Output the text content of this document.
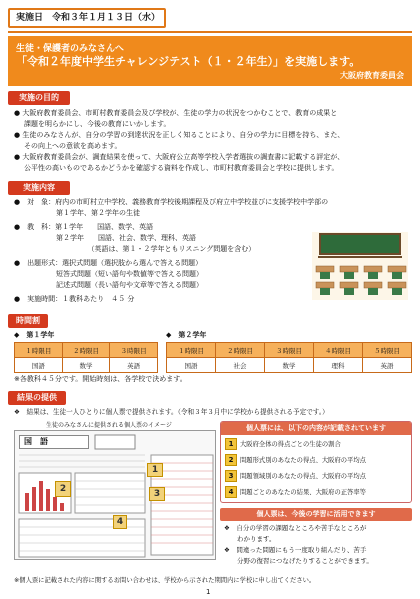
実施日　令和３年１月１３日（水）
生徒・保護者のみなさんへ
「令和２年度中学生チャレンジテスト（１・２年生）」を実施します。
大阪府教育委員会
実施の目的
● 大阪府教育委員会、市町村教育委員会及び学校が、生徒の学力の状況をつかむことで、教育の成果と
課題を明らかにし、今後の教育にいかします。
● 生徒のみなさんが、自分の学習の到達状況を正しく知ることにより、自分の学力に目標を持ち、また、
その向上への意欲を高めます。
● 大阪府教育委員会が、調査結果を使って、大阪府公立高等学校入学者選抜の調査書に記載する評定が、
公平性の高いものであるかどうかを確認する資料を作成し、市町村教育委員会と学校に提供します。
実施内容
●　対　象：府内の市町村立中学校、義務教育学校後期課程及び府立中学校並びに支援学校中学部の
　　　　　　第１学年、第２学年の生徒
●　教　科：第１学年　　国語、数学、英語
　　　　　　第２学年　　国語、社会、数学、理科、英語
　　　　　　　　　　　（英語は、第１・２学年ともリスニング問題を含む）
●　出題形式：選択式問題（選択肢から選んで答える問題）
　　　　　　短答式問題（短い語句や数値等で答える問題）
　　　　　　記述式問題（長い語句や文章等で答える問題）
●　実施時間：１教科あたり　４５ 分
時間割
◆　第１学年	◆　第２学年
１時限目	２時限目	３時限目
国語	数学	英語
１時限目	２時限目	３時限目	４時限目	５時限目
国語	社会	数学	理科	英語
※各教科４５分です。開始時刻は、各学校で決めます。
結果の提供
❖　結果は、生徒一人ひとりに個人票で提供されます。（令和３年３月中に学校から提供される予定です。）
生徒のみなさんに提供される個人票のイメージ
国　語
1
2	3
4
個人票には、以下の内容が記載されています
1 大阪府全体の得点ごとの生徒の割合
2 問題形式別のあなたの得点、大阪府の平均点
3 問題領域別のあなたの得点、大阪府の平均点
4 問題ごとのあなたの結果、大阪府の正答率等
個人票は、今後の学習に活用できます
❖　自分の学習の課題なところや苦手なところが
　　わかります。
❖　間違った問題にもう一度取り組んだり、苦手
　　分野の復習につなげたりすることができます。
※個人票に記載された内容に関するお問い合わせは、学校から示された期間内に学校に申し出てください。
1
